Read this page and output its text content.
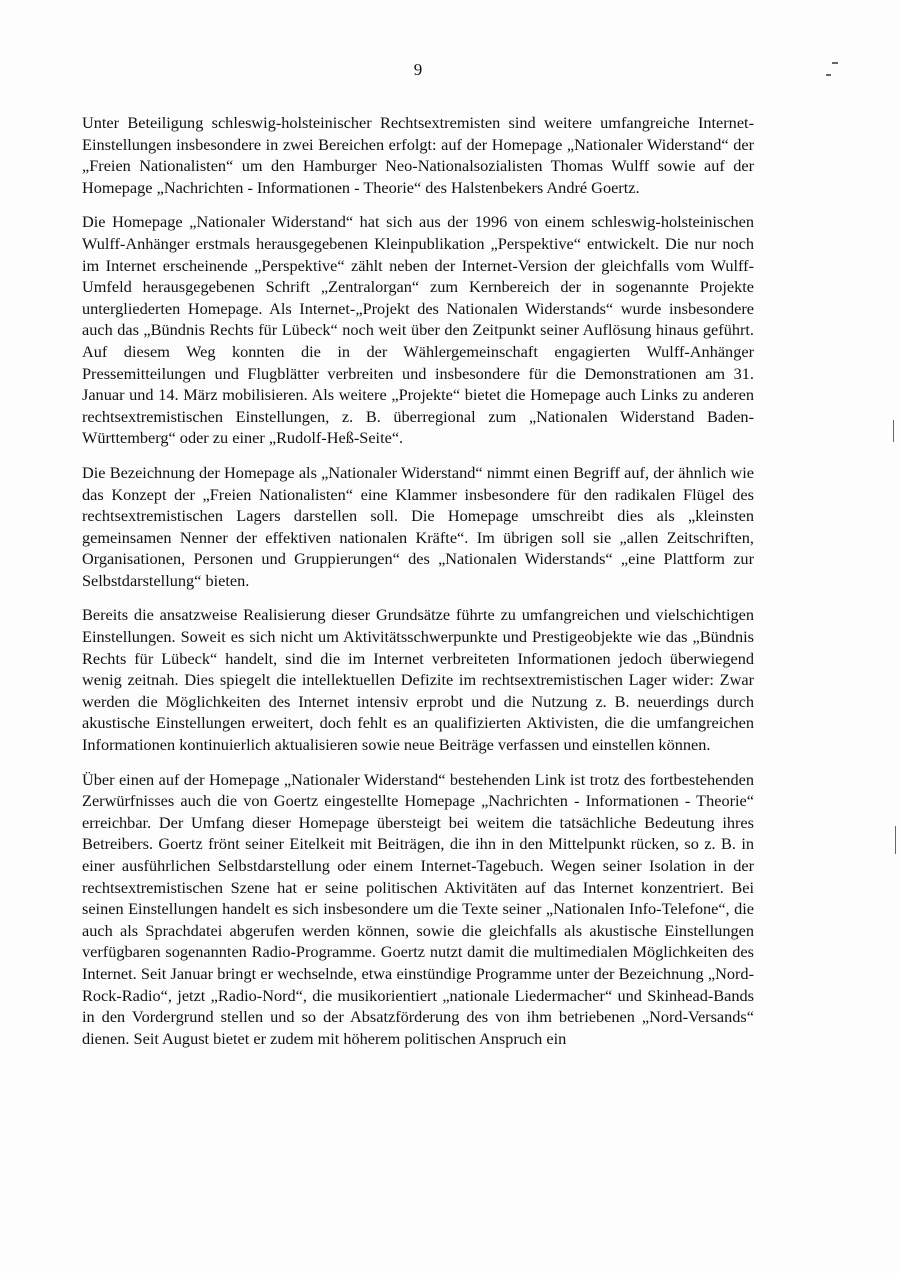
9

Unter Beteiligung schleswig-holsteinischer Rechtsextremisten sind weitere umfangreiche Internet-Einstellungen insbesondere in zwei Bereichen erfolgt: auf der Homepage „Nationaler Widerstand“ der „Freien Nationalisten“ um den Hamburger Neo-Nationalsozialisten Thomas Wulff sowie auf der Homepage „Nachrichten - Informationen - Theorie“ des Halstenbekers André Goertz.

Die Homepage „Nationaler Widerstand“ hat sich aus der 1996 von einem schleswig-holsteinischen Wulff-Anhänger erstmals herausgegebenen Kleinpublikation „Perspektive“ entwickelt. Die nur noch im Internet erscheinende „Perspektive“ zählt neben der Internet-Version der gleichfalls vom Wulff-Umfeld herausgegebenen Schrift „Zentralorgan“ zum Kernbereich der in sogenannte Projekte untergliederten Homepage. Als Internet-„Projekt des Nationalen Widerstands“ wurde insbesondere auch das „Bündnis Rechts für Lübeck“ noch weit über den Zeitpunkt seiner Auflösung hinaus geführt. Auf diesem Weg konnten die in der Wählergemeinschaft engagierten Wulff-Anhänger Pressemitteilungen und Flugblätter verbreiten und insbesondere für die Demonstrationen am 31. Januar und 14. März mobilisieren. Als weitere „Projekte“ bietet die Homepage auch Links zu anderen rechtsextremistischen Einstellungen, z. B. überregional zum „Nationalen Widerstand Baden-Württemberg“ oder zu einer „Rudolf-Heß-Seite“.

Die Bezeichnung der Homepage als „Nationaler Widerstand“ nimmt einen Begriff auf, der ähnlich wie das Konzept der „Freien Nationalisten“ eine Klammer insbesondere für den radikalen Flügel des rechtsextremistischen Lagers darstellen soll. Die Homepage umschreibt dies als „kleinsten gemeinsamen Nenner der effektiven nationalen Kräfte“. Im übrigen soll sie „allen Zeitschriften, Organisationen, Personen und Gruppierungen“ des „Nationalen Widerstands“ „eine Plattform zur Selbstdarstellung“ bieten.

Bereits die ansatzweise Realisierung dieser Grundsätze führte zu umfangreichen und vielschichtigen Einstellungen. Soweit es sich nicht um Aktivitätsschwerpunkte und Prestigeobjekte wie das „Bündnis Rechts für Lübeck“ handelt, sind die im Internet verbreiteten Informationen jedoch überwiegend wenig zeitnah. Dies spiegelt die intellektuellen Defizite im rechtsextremistischen Lager wider: Zwar werden die Möglichkeiten des Internet intensiv erprobt und die Nutzung z. B. neuerdings durch akustische Einstellungen erweitert, doch fehlt es an qualifizierten Aktivisten, die die umfangreichen Informationen kontinuierlich aktualisieren sowie neue Beiträge verfassen und einstellen können.

Über einen auf der Homepage „Nationaler Widerstand“ bestehenden Link ist trotz des fortbestehenden Zerwürfnisses auch die von Goertz eingestellte Homepage „Nachrichten - Informationen - Theorie“ erreichbar. Der Umfang dieser Homepage übersteigt bei weitem die tatsächliche Bedeutung ihres Betreibers. Goertz frönt seiner Eitelkeit mit Beiträgen, die ihn in den Mittelpunkt rücken, so z. B. in einer ausführlichen Selbstdarstellung oder einem Internet-Tagebuch. Wegen seiner Isolation in der rechtsextremistischen Szene hat er seine politischen Aktivitäten auf das Internet konzentriert. Bei seinen Einstellungen handelt es sich insbesondere um die Texte seiner „Nationalen Info-Telefone“, die auch als Sprachdatei abgerufen werden können, sowie die gleichfalls als akustische Einstellungen verfügbaren sogenannten Radio-Programme. Goertz nutzt damit die multimedialen Möglichkeiten des Internet. Seit Januar bringt er wechselnde, etwa einstündige Programme unter der Bezeichnung „Nord-Rock-Radio“, jetzt „Radio-Nord“, die musikorientiert „nationale Liedermacher“ und Skinhead-Bands in den Vordergrund stellen und so der Absatzförderung des von ihm betriebenen „Nord-Versands“ dienen. Seit August bietet er zudem mit höherem politischen Anspruch ein
